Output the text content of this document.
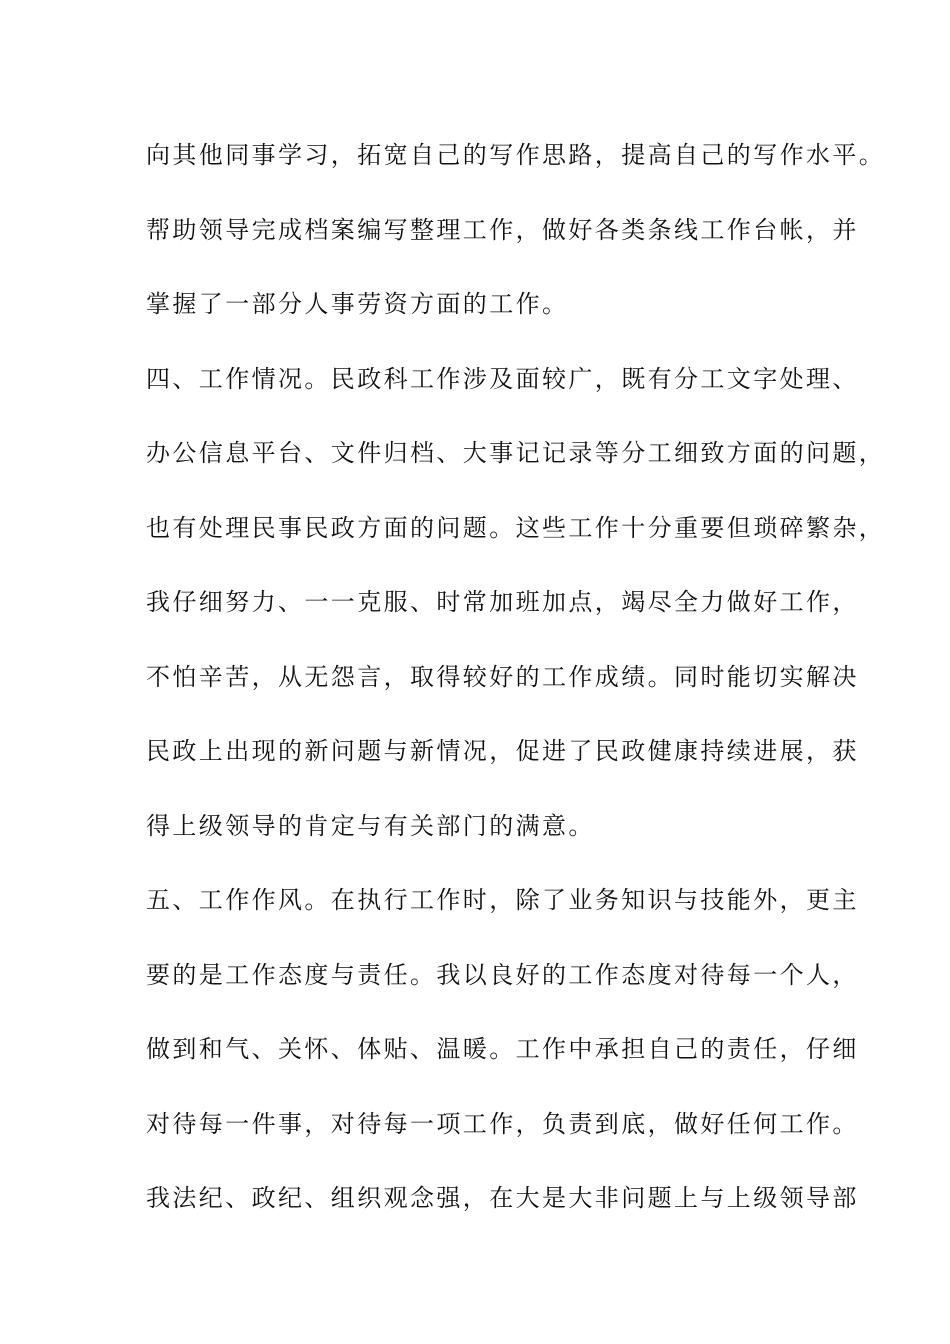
向其他同事学习，拓宽自己的写作思路，提高自己的写作水平。
帮助领导完成档案编写整理工作，做好各类条线工作台帐，并
掌握了一部分人事劳资方面的工作。
四、工作情况。民政科工作涉及面较广，既有分工文字处理、
办公信息平台、文件归档、大事记记录等分工细致方面的问题，
也有处理民事民政方面的问题。这些工作十分重要但琐碎繁杂，
我仔细努力、一一克服、时常加班加点，竭尽全力做好工作，
不怕辛苦，从无怨言，取得较好的工作成绩。同时能切实解决
民政上出现的新问题与新情况，促进了民政健康持续进展，获
得上级领导的肯定与有关部门的满意。
五、工作作风。在执行工作时，除了业务知识与技能外，更主
要的是工作态度与责任。我以良好的工作态度对待每一个人，
做到和气、关怀、体贴、温暖。工作中承担自己的责任，仔细
对待每一件事，对待每一项工作，负责到底，做好任何工作。
我法纪、政纪、组织观念强，在大是大非问题上与上级领导部
